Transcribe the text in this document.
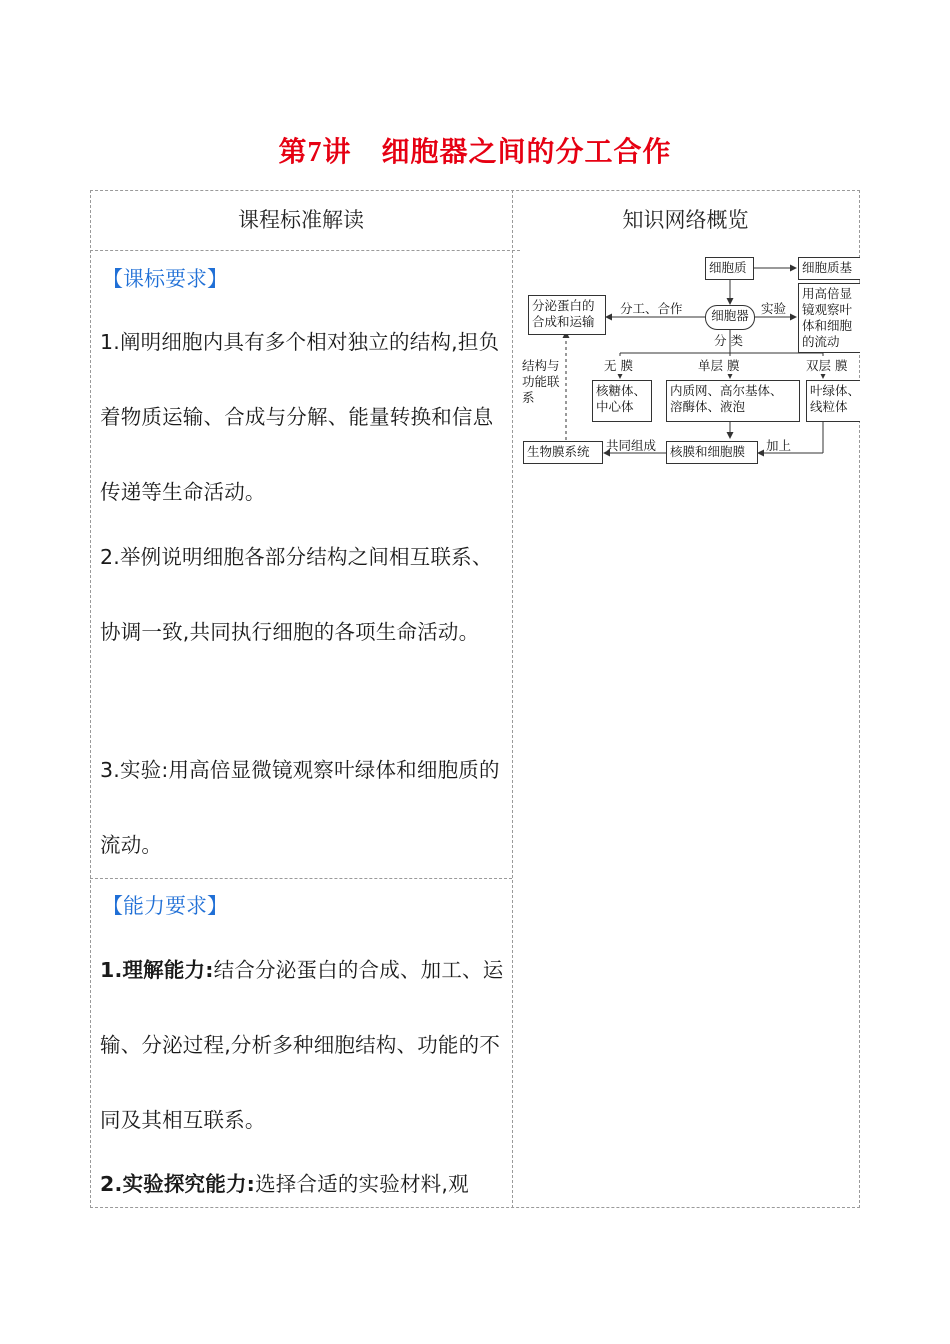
第7讲 细胞器之间的分工合作
课程标准解读	知识网络概览
【课标要求】
1.阐明细胞内具有多个相对独立的结构,担负着物质运输、合成与分解、能量转换和信息传递等生命活动。
2.举例说明细胞各部分结构之间相互联系、协调一致,共同执行细胞的各项生命活动。
3.实验:用高倍显微镜观察叶绿体和细胞质的流动。
【能力要求】
1.理解能力:结合分泌蛋白的合成、加工、运输、分泌过程,分析多种细胞结构、功能的不同及其相互联系。
2.实验探究能力:选择合适的实验材料,观
细胞质	细胞质基
细胞器
分泌蛋白的
合成和运输
用高倍显
镜观察叶
体和细胞
的流动
分工、合作	实验
分 类
无 膜	单层 膜	双层 膜
核糖体、
中心体
内质网、高尔基体、
溶酶体、液泡
叶绿体、
线粒体
结构与
功能联
系
生物膜系统	核膜和细胞膜
共同组成	加上
